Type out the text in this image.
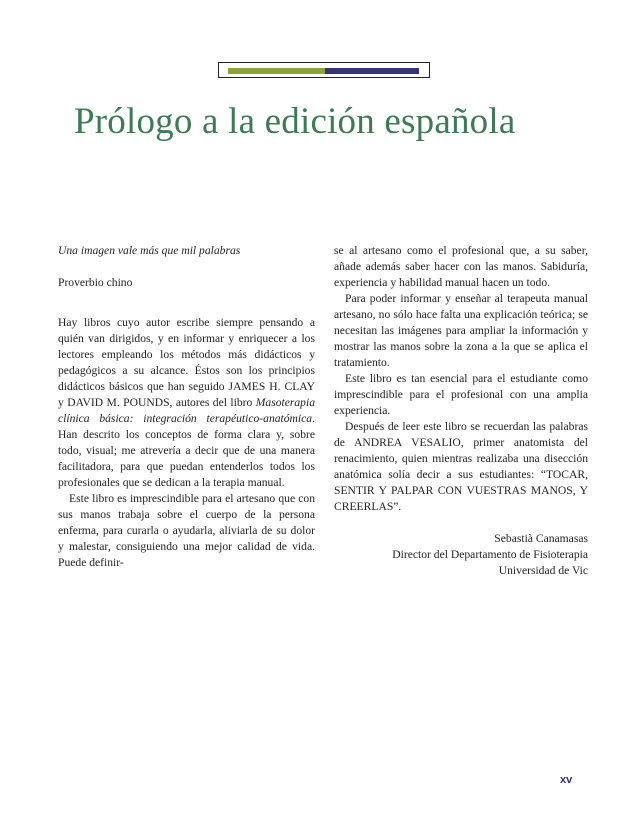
Prólogo a la edición española

Una imagen vale más que mil palabras

Proverbio chino

Hay libros cuyo autor escribe siempre pensando a quién van dirigidos, y en informar y enriquecer a los lectores empleando los métodos más didácticos y pedagógicos a su alcance. Éstos son los principios didácticos básicos que han seguido JAMES H. CLAY y DAVID M. POUNDS, autores del libro Masoterapia clínica básica: integración terapéutico-anatómica. Han descrito los conceptos de forma clara y, sobre todo, visual; me atrevería a decir que de una manera facilitadora, para que puedan entenderlos todos los profesionales que se dedican a la terapia manual.

Este libro es imprescindible para el artesano que con sus manos trabaja sobre el cuerpo de la persona enferma, para curarla o ayudarla, aliviarla de su dolor y malestar, consiguiendo una mejor calidad de vida. Puede definir-

se al artesano como el profesional que, a su saber, añade además saber hacer con las manos. Sabiduría, experiencia y habilidad manual hacen un todo.

Para poder informar y enseñar al terapeuta manual artesano, no sólo hace falta una explicación teórica; se necesitan las imágenes para ampliar la información y mostrar las manos sobre la zona a la que se aplica el tratamiento.

Este libro es tan esencial para el estudiante como imprescindible para el profesional con una amplia experiencia.

Después de leer este libro se recuerdan las palabras de ANDREA VESALIO, primer anatomista del renacimiento, quien mientras realizaba una disección anatómica solía decir a sus estudiantes: “TOCAR, SENTIR Y PALPAR CON VUESTRAS MANOS, Y CREERLAS”.

Sebastià Canamasas

Director del Departamento de Fisioterapia

Universidad de Vic

xv
